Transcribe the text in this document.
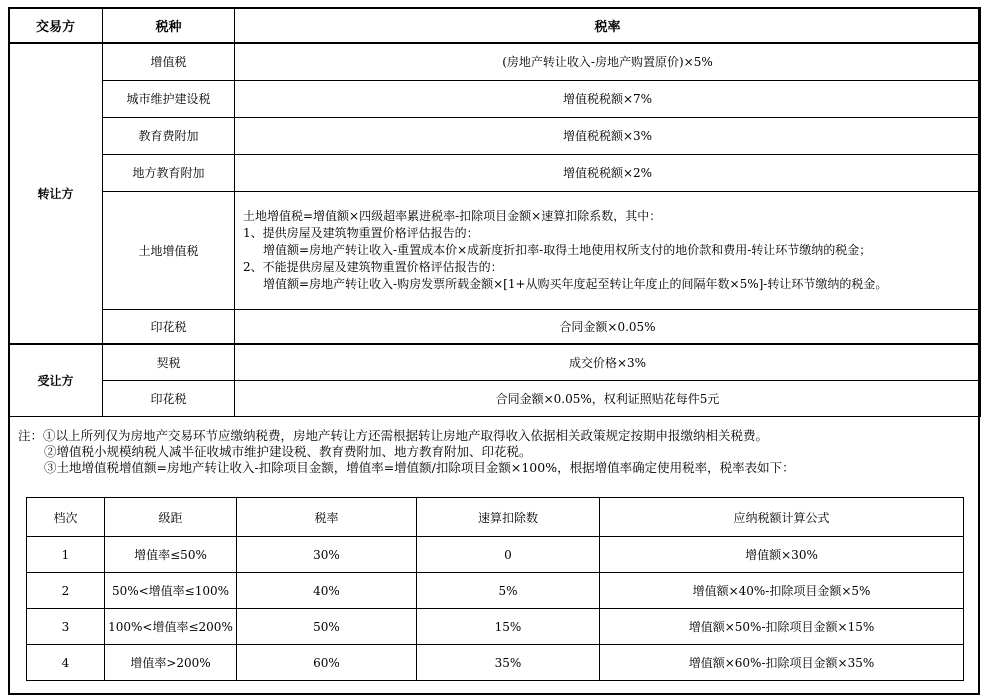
交易方	税种	税率
转让方	增值税	(房地产转让收入-房地产购置原价)×5%
	城市维护建设税	增值税税额×7%
	教育费附加	增值税税额×3%
	地方教育附加	增值税税额×2%
	土地增值税	土地增值税=增值额×四级超率累进税率-扣除项目金额×速算扣除系数，其中：
1、提供房屋及建筑物重置价格评估报告的：
增值额=房地产转让收入-重置成本价×成新度折扣率-取得土地使用权所支付的地价款和费用-转让环节缴纳的税金；
2、不能提供房屋及建筑物重置价格评估报告的：
增值额=房地产转让收入-购房发票所载金额×[1+从购买年度起至转让年度止的间隔年数×5%]-转让环节缴纳的税金。

	印花税	合同金额×0.05%
受让方	契税	成交价格×3%
	印花税	合同金额×0.05%，权利证照贴花每件5元
注：①以上所列仅为房地产交易环节应缴纳税费，房地产转让方还需根据转让房地产取得收入依据相关政策规定按期申报缴纳相关税费。
②增值税小规模纳税人减半征收城市维护建设税、教育费附加、地方教育附加、印花税。
③土地增值税增值额=房地产转让收入-扣除项目金额，增值率=增值额/扣除项目金额×100%，根据增值率确定使用税率，税率表如下：
档次	级距	税率	速算扣除数	应纳税额计算公式
1	增值率≤50%	30%	0	增值额×30%
2	50%<增值率≤100%	40%	5%	增值额×40%-扣除项目金额×5%
3	100%<增值率≤200%	50%	15%	增值额×50%-扣除项目金额×15%
4	增值率>200%	60%	35%	增值额×60%-扣除项目金额×35%
